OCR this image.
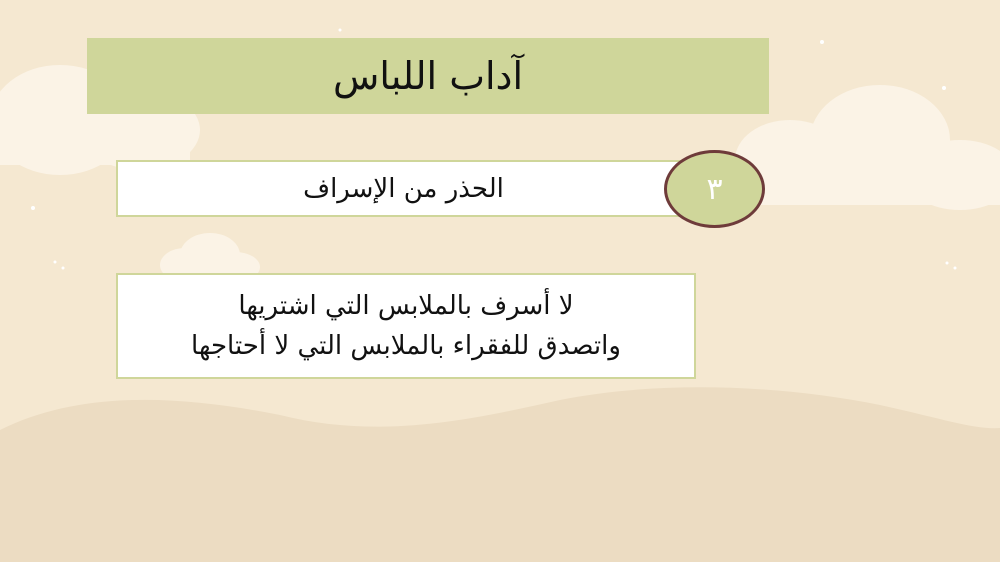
آداب اللباس
الحذر من الإسراف	٣
لا أسرف بالملابس التي اشتريها
واتصدق للفقراء بالملابس التي لا أحتاجها
